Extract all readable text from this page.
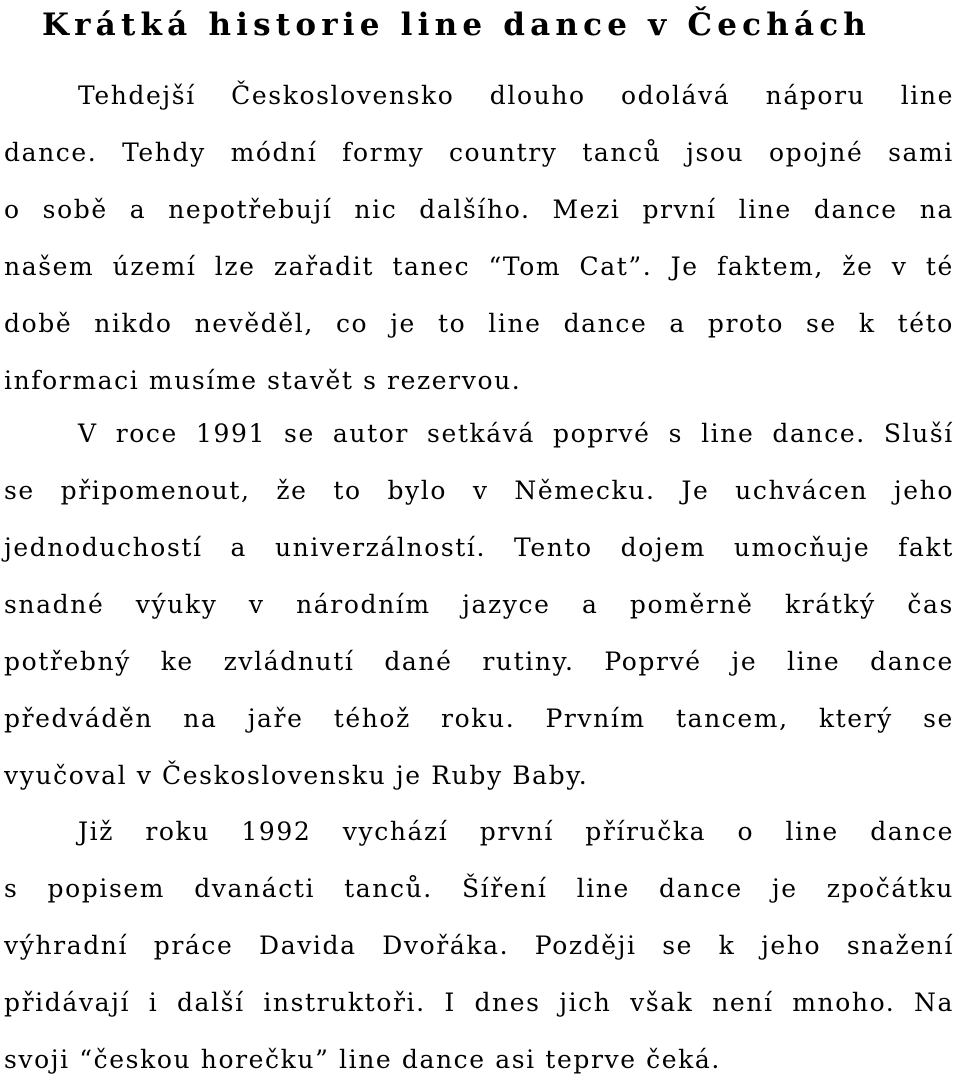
Krátká historie line dance v Čechách
Tehdejší Československo dlouho odolává náporu line
dance. Tehdy módní formy country tanců jsou opojné sami
o sobě a nepotřebují nic dalšího. Mezi první line dance na
našem území lze zařadit tanec “Tom Cat”. Je faktem, že v té
době nikdo nevěděl, co je to line dance a proto se k této
informaci musíme stavět s rezervou.
V roce 1991 se autor setkává poprvé s line dance. Sluší
se připomenout, že to bylo v Německu. Je uchvácen jeho
jednoduchostí a univerzálností. Tento dojem umocňuje fakt
snadné výuky v národním jazyce a poměrně krátký čas
potřebný ke zvládnutí dané rutiny. Poprvé je line dance
předváděn na jaře téhož roku. Prvním tancem, který se
vyučoval v Československu je Ruby Baby.
Již roku 1992 vychází první příručka o line dance
s popisem dvanácti tanců. Šíření line dance je zpočátku
výhradní práce Davida Dvořáka. Později se k jeho snažení
přidávají i další instruktoři. I dnes jich však není mnoho. Na
svoji “českou horečku” line dance asi teprve čeká.
